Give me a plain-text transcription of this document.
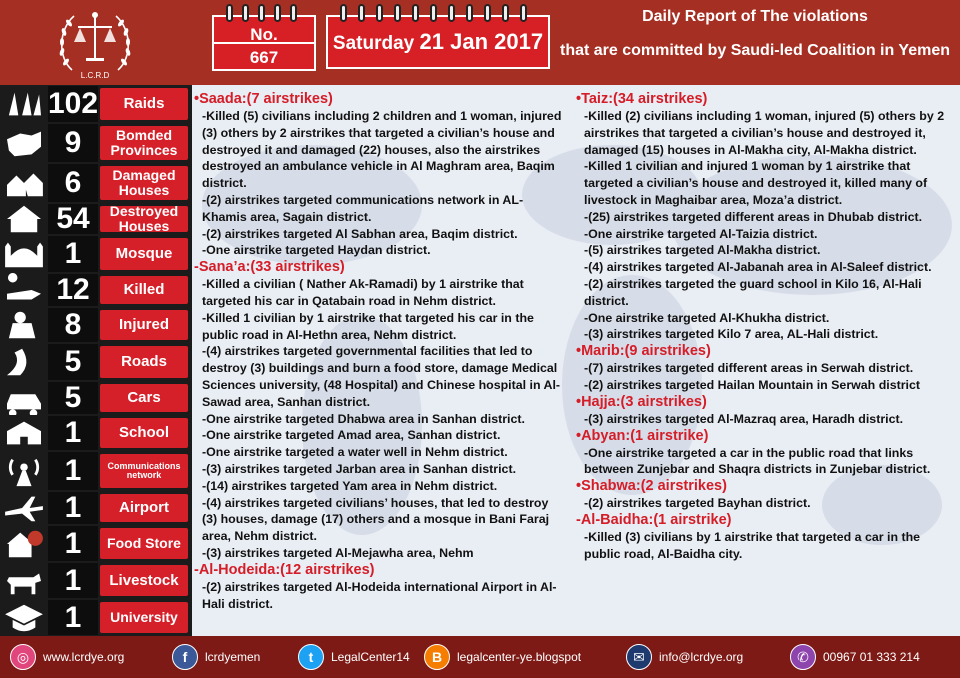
L.C.R.D
No.
667
Saturday 21 Jan 2017
Daily Report of The violations
that are committed by Saudi-led Coalition in Yemen
102	Raids
9	Bomded Provinces
6	Damaged Houses
54	Destroyed Houses
1	Mosque
12	Killed
8	Injured
5	Roads
5	Cars
1	School
1	Communications network
1	Airport
1	Food Store
1	Livestock
1	University
•Saada:(7 airstrikes)
-Killed (5) civilians including 2 children and 1 woman, injured (3) others by 2 airstrikes that targeted a civilian’s house and destroyed it and damaged (22) houses, also the airstrikes destroyed an ambulance vehicle in Al Maghram area, Baqim district.
-(2) airstrikes targeted communications network in AL-Khamis area, Sagain district.
-(2) airstrikes targeted Al Sabhan area, Baqim district.
-One airstrike targeted Haydan district.
-Sana’a:(33 airstrikes)
-Killed a civilian ( Nather Ak-Ramadi) by 1 airstrike that targeted his car in Qatabain road in Nehm district.
-Killed 1 civilian by 1 airstrike that targeted his car in the public road in Al-Hethn area, Nehm district.
-(4) airstrikes targeted governmental facilities that led to destroy (3) buildings and burn a food store, damage Medical Sciences university, (48 Hospital) and Chinese hospital in Al-Sawad area, Sanhan district.
-One airstrike targeted Dhabwa area in Sanhan district.
-One airstrike targeted Amad area, Sanhan district.
-One airstrike targeted a water well in Nehm district.
-(3) airstrikes targeted Jarban area in Sanhan district.
-(14) airstrikes targeted Yam area in Nehm district.
-(4) airstrikes targeted civilians’ houses, that led to destroy (3) houses, damage (17) others and a mosque in Bani Faraj area, Nehm district.
-(3) airstrikes targeted Al-Mejawha area, Nehm
-Al-Hodeida:(12 airstrikes)
-(2) airstrikes targeted Al-Hodeida international Airport in Al-Hali district.
•Taiz:(34 airstrikes)
-Killed (2) civilians including 1 woman, injured (5) others by 2 airstrikes that targeted a civilian’s house and destroyed it, damaged (15) houses in Al-Makha city, Al-Makha district.
-Killed 1 civilian and injured 1 woman by 1 airstrike that targeted a civilian’s house and destroyed it, killed many of livestock in Maghaibar area, Moza’a district.
-(25) airstrikes targeted different areas in Dhubab district.
-One airstrike targeted Al-Taizia district.
-(5) airstrikes targeted Al-Makha district.
-(4) airstrikes targeted Al-Jabanah area in Al-Saleef district.
-(2) airstrikes targeted the guard school in Kilo 16, Al-Hali district.
-One airstrike targeted Al-Khukha district.
-(3) airstrikes targeted Kilo 7 area, AL-Hali district.
•Marib:(9 airstrikes)
-(7) airstrikes targeted different areas in Serwah district.
-(2) airstrikes targeted Hailan Mountain in Serwah district
•Hajja:(3 airstrikes)
-(3) airstrikes targeted Al-Mazraq area, Haradh district.
•Abyan:(1 airstrike)
-One airstrike targeted a car in the public road that links between Zunjebar and Shaqra districts in Zunjebar district.
•Shabwa:(2 airstrikes)
-(2) airstrikes targeted Bayhan district.
-Al-Baidha:(1 airstrike)
-Killed (3) civilians by 1 airstrike that targeted a car in the public road, Al-Baidha city.
◎	www.lcrdye.org	f	lcrdyemen	t	LegalCenter14	B	legalcenter-ye.blogspot	✉	info@lcrdye.org	✆	00967 01 333 214
